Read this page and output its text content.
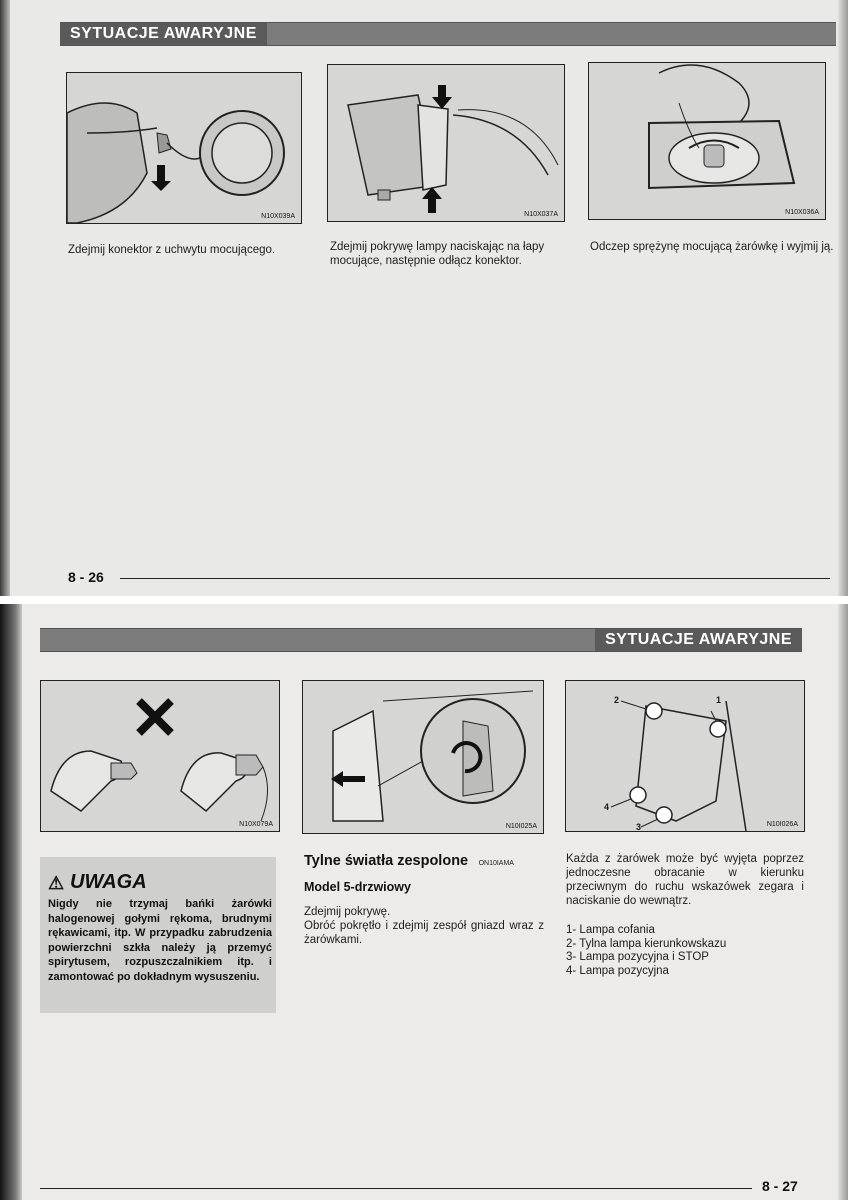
SYTUACJE AWARYJNE
N10X039A	N10X037A	N10X036A
Zdejmij konektor z uchwytu mocującego.	Zdejmij pokrywę lampy naciskając na łapy mocujące, następnie odłącz konektor.
Odczep sprężynę mocującą żarówkę i wyjmij ją.
8 - 26
SYTUACJE AWARYJNE
N10X079A	N10I025A
1
2
3
4
N10I026A
⚠ UWAGA
Nigdy nie trzymaj bańki żarówki halogenowej gołymi rękoma, brudnymi rękawicami, itp. W przypadku zabrudzenia powierzchni szkła należy ją przemyć spirytusem, rozpuszczalnikiem itp. i zamontować po dokładnym wysuszeniu.
Tylne światła zespolone ON10IAMA
Model 5-drzwiowy
Zdejmij pokrywę.
Obróć pokrętło i zdejmij zespół gniazd wraz z żarówkami.
Każda z żarówek może być wyjęta poprzez jednoczesne obracanie w kierunku przeciwnym do ruchu wskazówek zegara i naciskanie do wewnątrz.
1- Lampa cofania
2- Tylna lampa kierunkowskazu
3- Lampa pozycyjna i STOP
4- Lampa pozycyjna
8 - 27
